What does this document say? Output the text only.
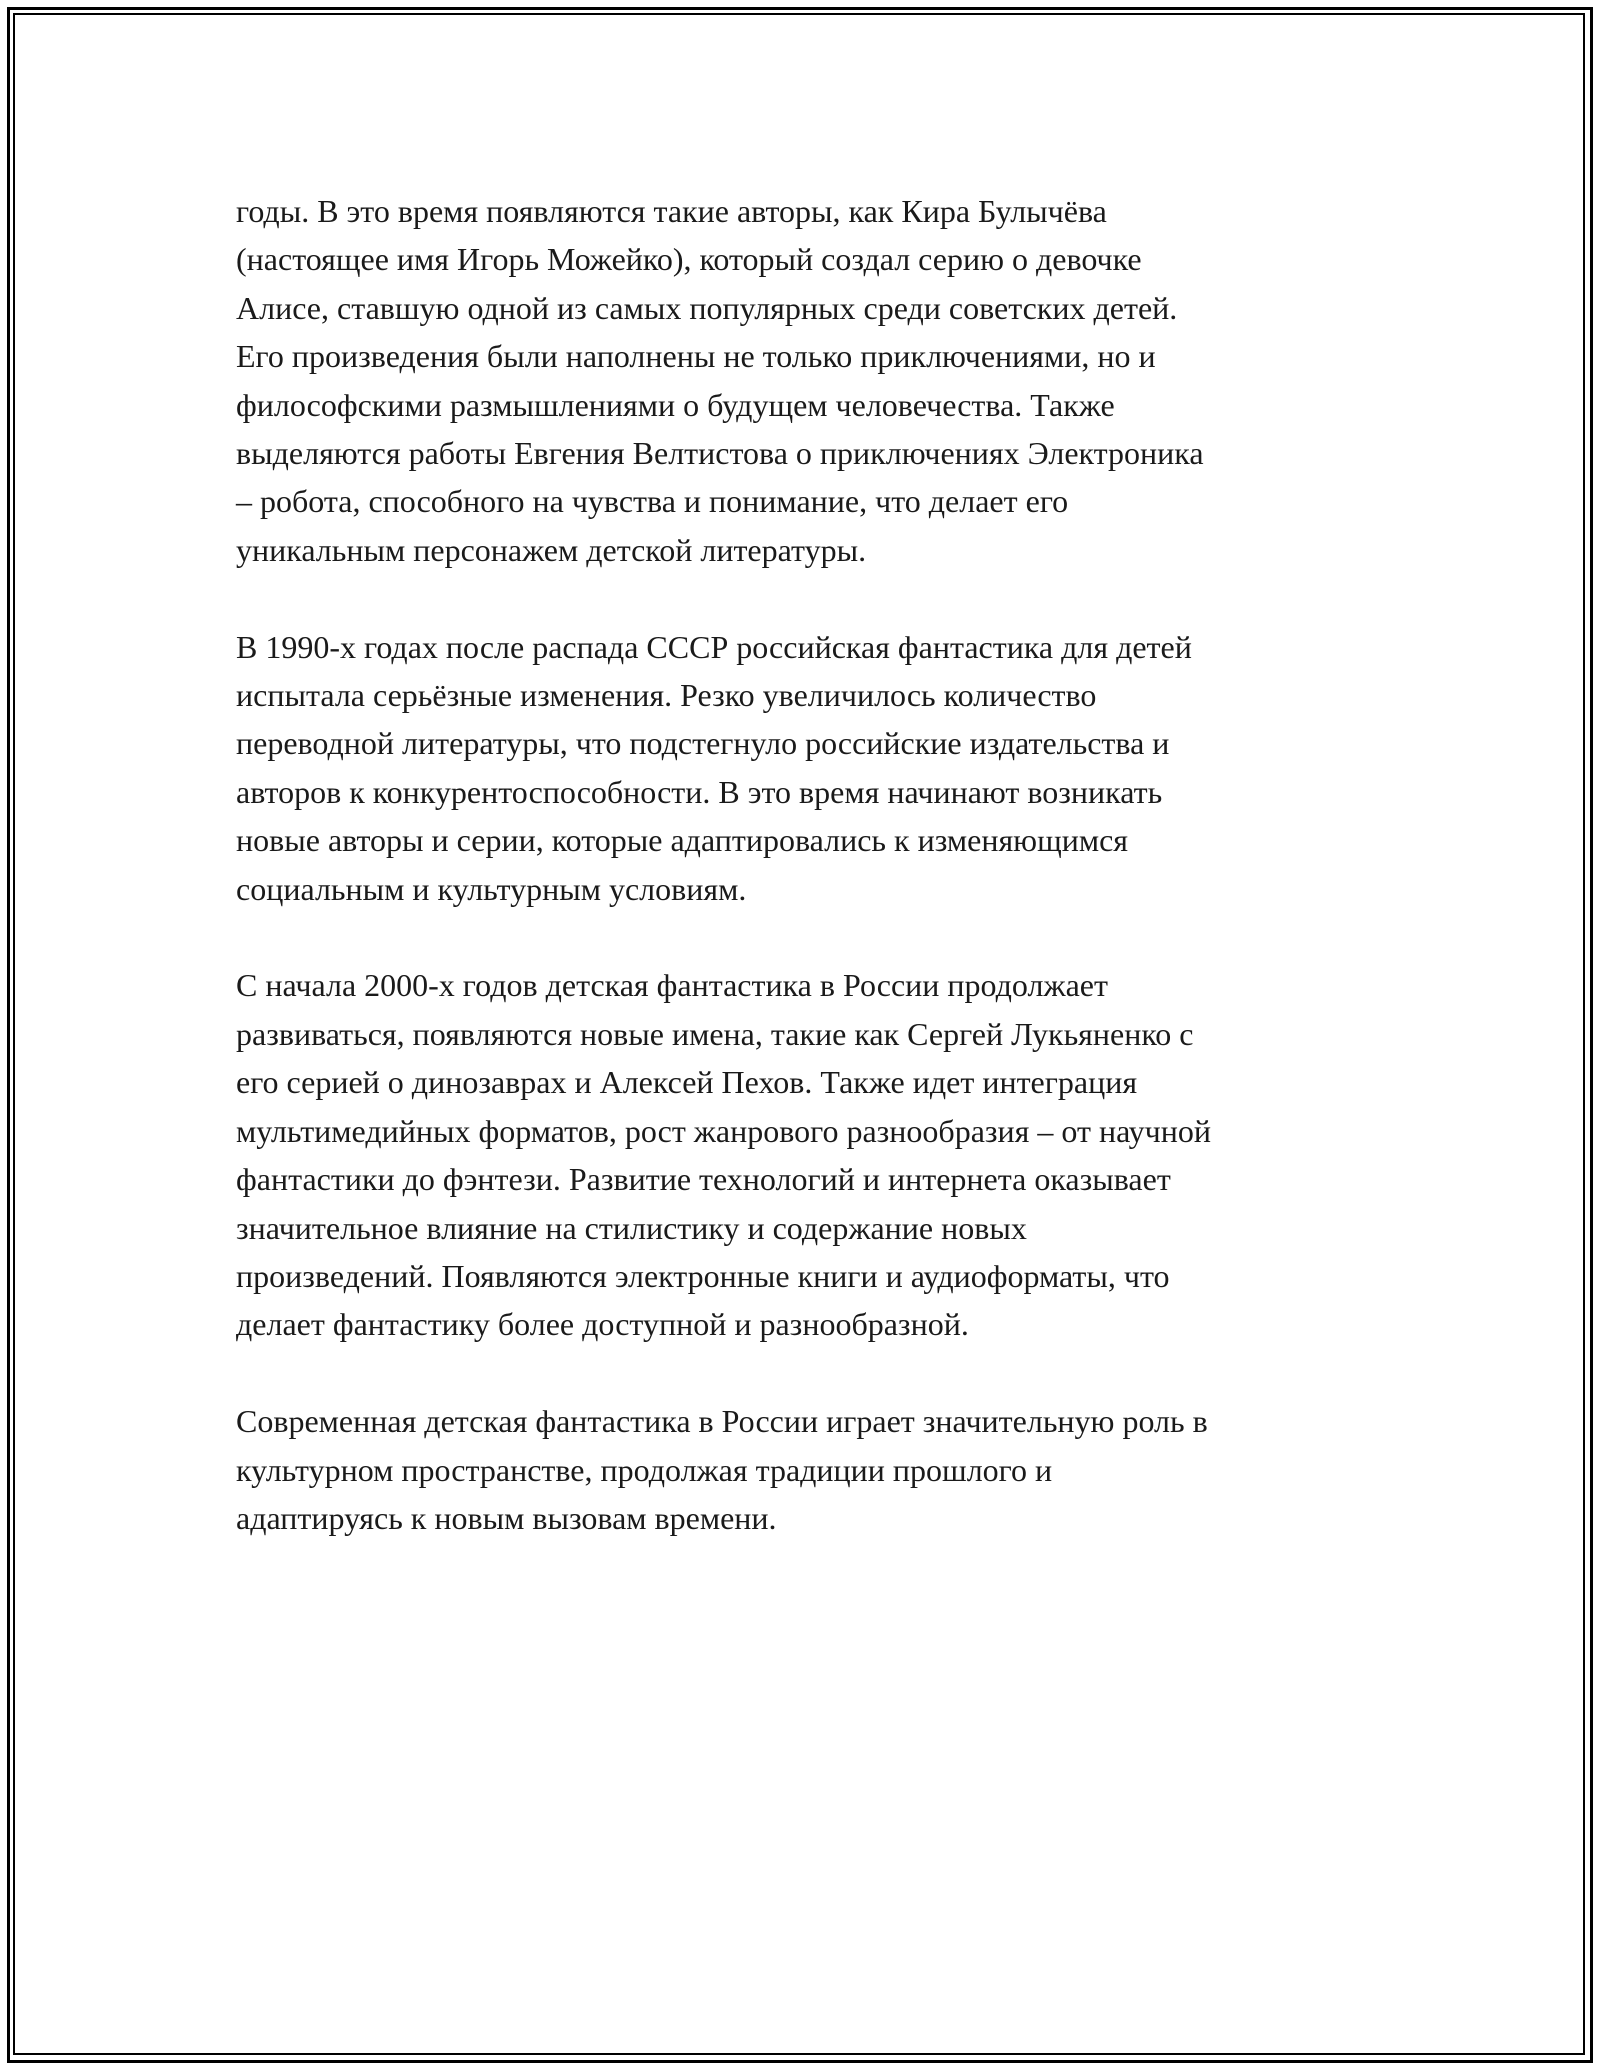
годы. В это время появляются такие авторы, как Кира Булычёва
(настоящее имя Игорь Можейко), который создал серию о девочке
Алисе, ставшую одной из самых популярных среди советских детей.
Его произведения были наполнены не только приключениями, но и
философскими размышлениями о будущем человечества. Также
выделяются работы Евгения Велтистова о приключениях Электроника
– робота, способного на чувства и понимание, что делает его
уникальным персонажем детской литературы.

В 1990-х годах после распада СССР российская фантастика для детей
испытала серьёзные изменения. Резко увеличилось количество
переводной литературы, что подстегнуло российские издательства и
авторов к конкурентоспособности. В это время начинают возникать
новые авторы и серии, которые адаптировались к изменяющимся
социальным и культурным условиям.

С начала 2000-х годов детская фантастика в России продолжает
развиваться, появляются новые имена, такие как Сергей Лукьяненко с
его серией о динозаврах и Алексей Пехов. Также идет интеграция
мультимедийных форматов, рост жанрового разнообразия – от научной
фантастики до фэнтези. Развитие технологий и интернета оказывает
значительное влияние на стилистику и содержание новых
произведений. Появляются электронные книги и аудиоформаты, что
делает фантастику более доступной и разнообразной.

Современная детская фантастика в России играет значительную роль в
культурном пространстве, продолжая традиции прошлого и
адаптируясь к новым вызовам времени.
